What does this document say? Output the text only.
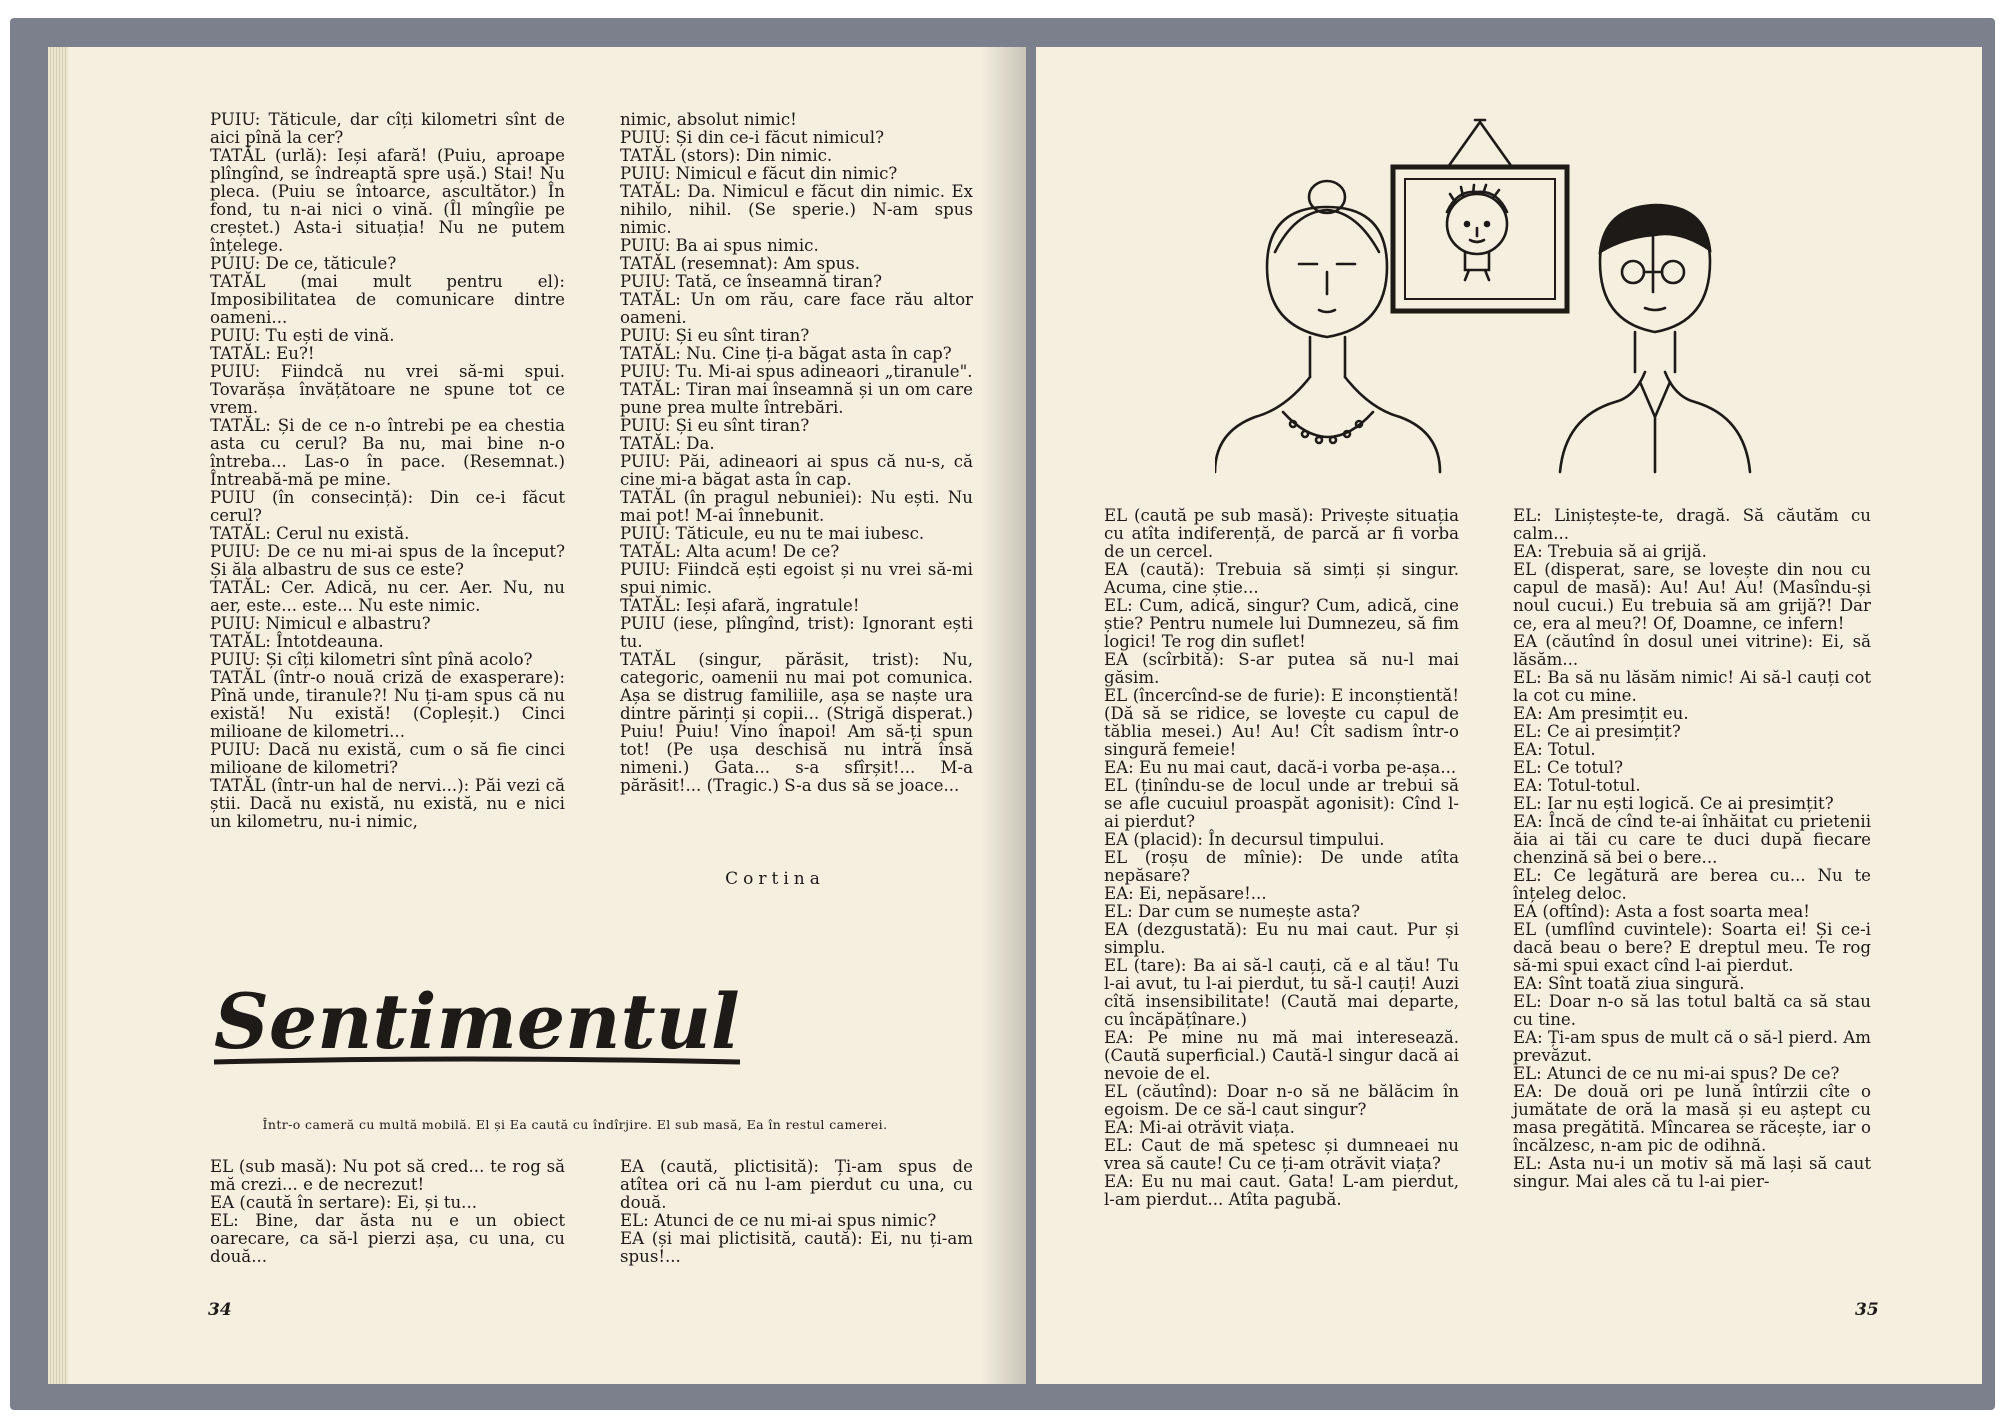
PUIU: Tăticule, dar cîți kilometri sînt de aici pînă la cer?

TATĂL (urlă): Ieși afară! (Puiu, aproape plîngînd, se îndreaptă spre ușă.) Stai! Nu pleca. (Puiu se întoarce, ascultător.) În fond, tu n-ai nici o vină. (Îl mîngîie pe creștet.) Asta-i situația! Nu ne putem înțelege.

PUIU: De ce, tăticule?

TATĂL (mai mult pentru el): Imposibilitatea de comunicare dintre oameni...

PUIU: Tu ești de vină.

TATĂL: Eu?!

PUIU: Fiindcă nu vrei să-mi spui. Tovarășa învățătoare ne spune tot ce vrem.

TATĂL: Și de ce n-o întrebi pe ea chestia asta cu cerul? Ba nu, mai bine n-o întreba... Las-o în pace. (Resemnat.) Întreabă-mă pe mine.

PUIU (în consecință): Din ce-i făcut cerul?

TATĂL: Cerul nu există.

PUIU: De ce nu mi-ai spus de la început? Și ăla albastru de sus ce este?

TATĂL: Cer. Adică, nu cer. Aer. Nu, nu aer, este... este... Nu este nimic.

PUIU: Nimicul e albastru?

TATĂL: Întotdeauna.

PUIU: Și cîți kilometri sînt pînă acolo?

TATĂL (într-o nouă criză de exasperare): Pînă unde, tiranule?! Nu ți-am spus că nu există! Nu există! (Copleșit.) Cinci milioane de kilometri...

PUIU: Dacă nu există, cum o să fie cinci milioane de kilometri?

TATĂL (într-un hal de nervi...): Păi vezi că știi. Dacă nu există, nu există, nu e nici un kilometru, nu-i nimic,

nimic, absolut nimic!

PUIU: Și din ce-i făcut nimicul?

TATĂL (stors): Din nimic.

PUIU: Nimicul e făcut din nimic?

TATĂL: Da. Nimicul e făcut din nimic. Ex nihilo, nihil. (Se sperie.) N-am spus nimic.

PUIU: Ba ai spus nimic.

TATĂL (resemnat): Am spus.

PUIU: Tată, ce înseamnă tiran?

TATĂL: Un om rău, care face rău altor oameni.

PUIU: Și eu sînt tiran?

TATĂL: Nu. Cine ți-a băgat asta în cap?

PUIU: Tu. Mi-ai spus adineaori „tiranule".

TATĂL: Tiran mai înseamnă și un om care pune prea multe întrebări.

PUIU: Și eu sînt tiran?

TATĂL: Da.

PUIU: Păi, adineaori ai spus că nu-s, că cine mi-a băgat asta în cap.

TATĂL (în pragul nebuniei): Nu ești. Nu mai pot! M-ai înnebunit.

PUIU: Tăticule, eu nu te mai iubesc.

TATĂL: Alta acum! De ce?

PUIU: Fiindcă ești egoist și nu vrei să-mi spui nimic.

TATĂL: Ieși afară, ingratule!

PUIU (iese, plîngînd, trist): Ignorant ești tu.

TATĂL (singur, părăsit, trist): Nu, categoric, oamenii nu mai pot comunica. Așa se distrug familiile, așa se naște ura dintre părinți și copii... (Strigă disperat.) Puiu! Puiu! Vino înapoi! Am să-ți spun tot! (Pe ușa deschisă nu intră însă nimeni.) Gata... s-a sfîrșit!... M-a părăsit!... (Tragic.) S-a dus să se joace...

Cortina
Sentimentul
Într-o cameră cu multă mobilă. El și Ea caută cu îndîrjire. El sub masă, Ea în restul camerei.

EL (sub masă): Nu pot să cred... te rog să mă crezi... e de necrezut!

EA (caută în sertare): Ei, și tu...

EL: Bine, dar ăsta nu e un obiect oarecare, ca să-l pierzi așa, cu una, cu două...

EA (caută, plictisită): Ți-am spus de atîtea ori că nu l-am pierdut cu una, cu două.

EL: Atunci de ce nu mi-ai spus nimic?

EA (și mai plictisită, caută): Ei, nu ți-am spus!...

34

EL (caută pe sub masă): Privește situația cu atîta indiferență, de parcă ar fi vorba de un cercel.

EA (caută): Trebuia să simți și singur. Acuma, cine știe...

EL: Cum, adică, singur? Cum, adică, cine știe? Pentru numele lui Dumnezeu, să fim logici! Te rog din suflet!

EA (scîrbită): S-ar putea să nu-l mai găsim.

EL (încercînd-se de furie): E inconștientă! (Dă să se ridice, se lovește cu capul de tăblia mesei.) Au! Au! Cît sadism într-o singură femeie!

EA: Eu nu mai caut, dacă-i vorba pe-așa...

EL (ținîndu-se de locul unde ar trebui să se afle cucuiul proaspăt agonisit): Cînd l-ai pierdut?

EA (placid): În decursul timpului.

EL (roșu de mînie): De unde atîta nepăsare?

EA: Ei, nepăsare!...

EL: Dar cum se numește asta?

EA (dezgustată): Eu nu mai caut. Pur și simplu.

EL (tare): Ba ai să-l cauți, că e al tău! Tu l-ai avut, tu l-ai pierdut, tu să-l cauți! Auzi cîtă insensibilitate! (Caută mai departe, cu încăpățînare.)

EA: Pe mine nu mă mai interesează. (Caută superficial.) Caută-l singur dacă ai nevoie de el.

EL (căutînd): Doar n-o să ne bălăcim în egoism. De ce să-l caut singur?

EA: Mi-ai otrăvit viața.

EL: Caut de mă spetesc și dumneaei nu vrea să caute! Cu ce ți-am otrăvit viața?

EA: Eu nu mai caut. Gata! L-am pierdut, l-am pierdut... Atîta pagubă.

EL: Liniștește-te, dragă. Să căutăm cu calm...

EA: Trebuia să ai grijă.

EL (disperat, sare, se lovește din nou cu capul de masă): Au! Au! Au! (Masîndu-și noul cucui.) Eu trebuia să am grijă?! Dar ce, era al meu?! Of, Doamne, ce infern!

EA (căutînd în dosul unei vitrine): Ei, să lăsăm...

EL: Ba să nu lăsăm nimic! Ai să-l cauți cot la cot cu mine.

EA: Am presimțit eu.

EL: Ce ai presimțit?

EA: Totul.

EL: Ce totul?

EA: Totul-totul.

EL: Iar nu ești logică. Ce ai presimțit?

EA: Încă de cînd te-ai înhăitat cu prietenii ăia ai tăi cu care te duci după fiecare chenzină să bei o bere...

EL: Ce legătură are berea cu... Nu te înțeleg deloc.

EA (oftînd): Asta a fost soarta mea!

EL (umflînd cuvintele): Soarta ei! Și ce-i dacă beau o bere? E dreptul meu. Te rog să-mi spui exact cînd l-ai pierdut.

EA: Sînt toată ziua singură.

EL: Doar n-o să las totul baltă ca să stau cu tine.

EA: Ți-am spus de mult că o să-l pierd. Am prevăzut.

EL: Atunci de ce nu mi-ai spus? De ce?

EA: De două ori pe lună întîrzii cîte o jumătate de oră la masă și eu aștept cu masa pregătită. Mîncarea se răcește, iar o încălzesc, n-am pic de odihnă.

EL: Asta nu-i un motiv să mă lași să caut singur. Mai ales că tu l-ai pier-

35
